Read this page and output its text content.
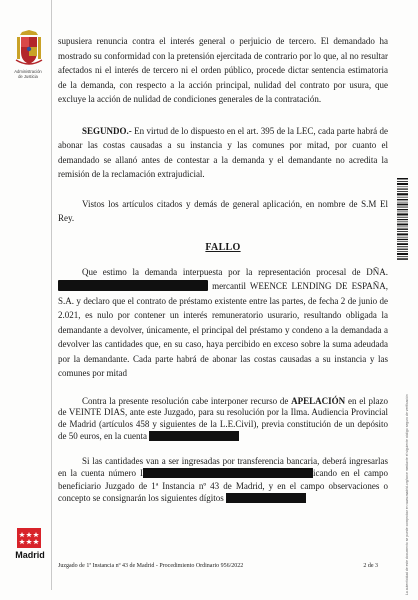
Administración
de Justicia
Madrid	La autenticidad de este documento se puede comprobar en www.madrid.org/cove mediante el siguiente código seguro de verificación

supusiera renuncia contra el interés general o perjuicio de tercero. El demandado ha mostrado su conformidad con la pretensión ejercitada de contrario por lo que, al no resultar afectados ni el interés de tercero ni el orden público, procede dictar sentencia estimatoria de la demanda, con respecto a la acción principal, nulidad del contrato por usura, que excluye la acción de nulidad de condiciones generales de la contratación.

SEGUNDO.- En virtud de lo dispuesto en el art. 395 de la LEC, cada parte habrá de abonar las costas causadas a su instancia y las comunes por mitad, por cuanto el demandado se allanó antes de contestar a la demanda y el demandante no acredita la remisión de la reclamación extrajudicial.

Vistos los artículos citados y demás de general aplicación, en nombre de S.M El Rey.

FALLO

Que estimo la demanda interpuesta por la representación procesal de DÑA.  mercantil WEENCE LENDING DE ESPAÑA, S.A. y declaro que el contrato de préstamo existente entre las partes, de fecha 2 de junio de 2.021, es nulo por contener un interés remuneratorio usurario, resultando obligada la demandante a devolver, únicamente, el principal del préstamo y condeno a la demandada a devolver las cantidades que, en su caso, haya percibido en exceso sobre la suma adeudada por la demandante. Cada parte habrá de abonar las costas causadas a su instancia y las comunes por mitad

Contra la presente resolución cabe interponer recurso de APELACIÓN en el plazo de VEINTE DIAS, ante este Juzgado, para su resolución por la Ilma. Audiencia Provincial de Madrid (artículos 458 y siguientes de la L.E.Civil), previa constitución de un depósito de 50 euros, en la cuenta

Si las cantidades van a ser ingresadas por transferencia bancaria, deberá ingresarlas en la cuenta número I	icando en el campo beneficiario Juzgado de 1ª Instancia nº 43 de Madrid, y en el campo observaciones o concepto se consignarán los siguientes dígitos

Juzgado de 1ª Instancia nº 43 de Madrid - Procedimiento Ordinario 956/2022	2 de 3
